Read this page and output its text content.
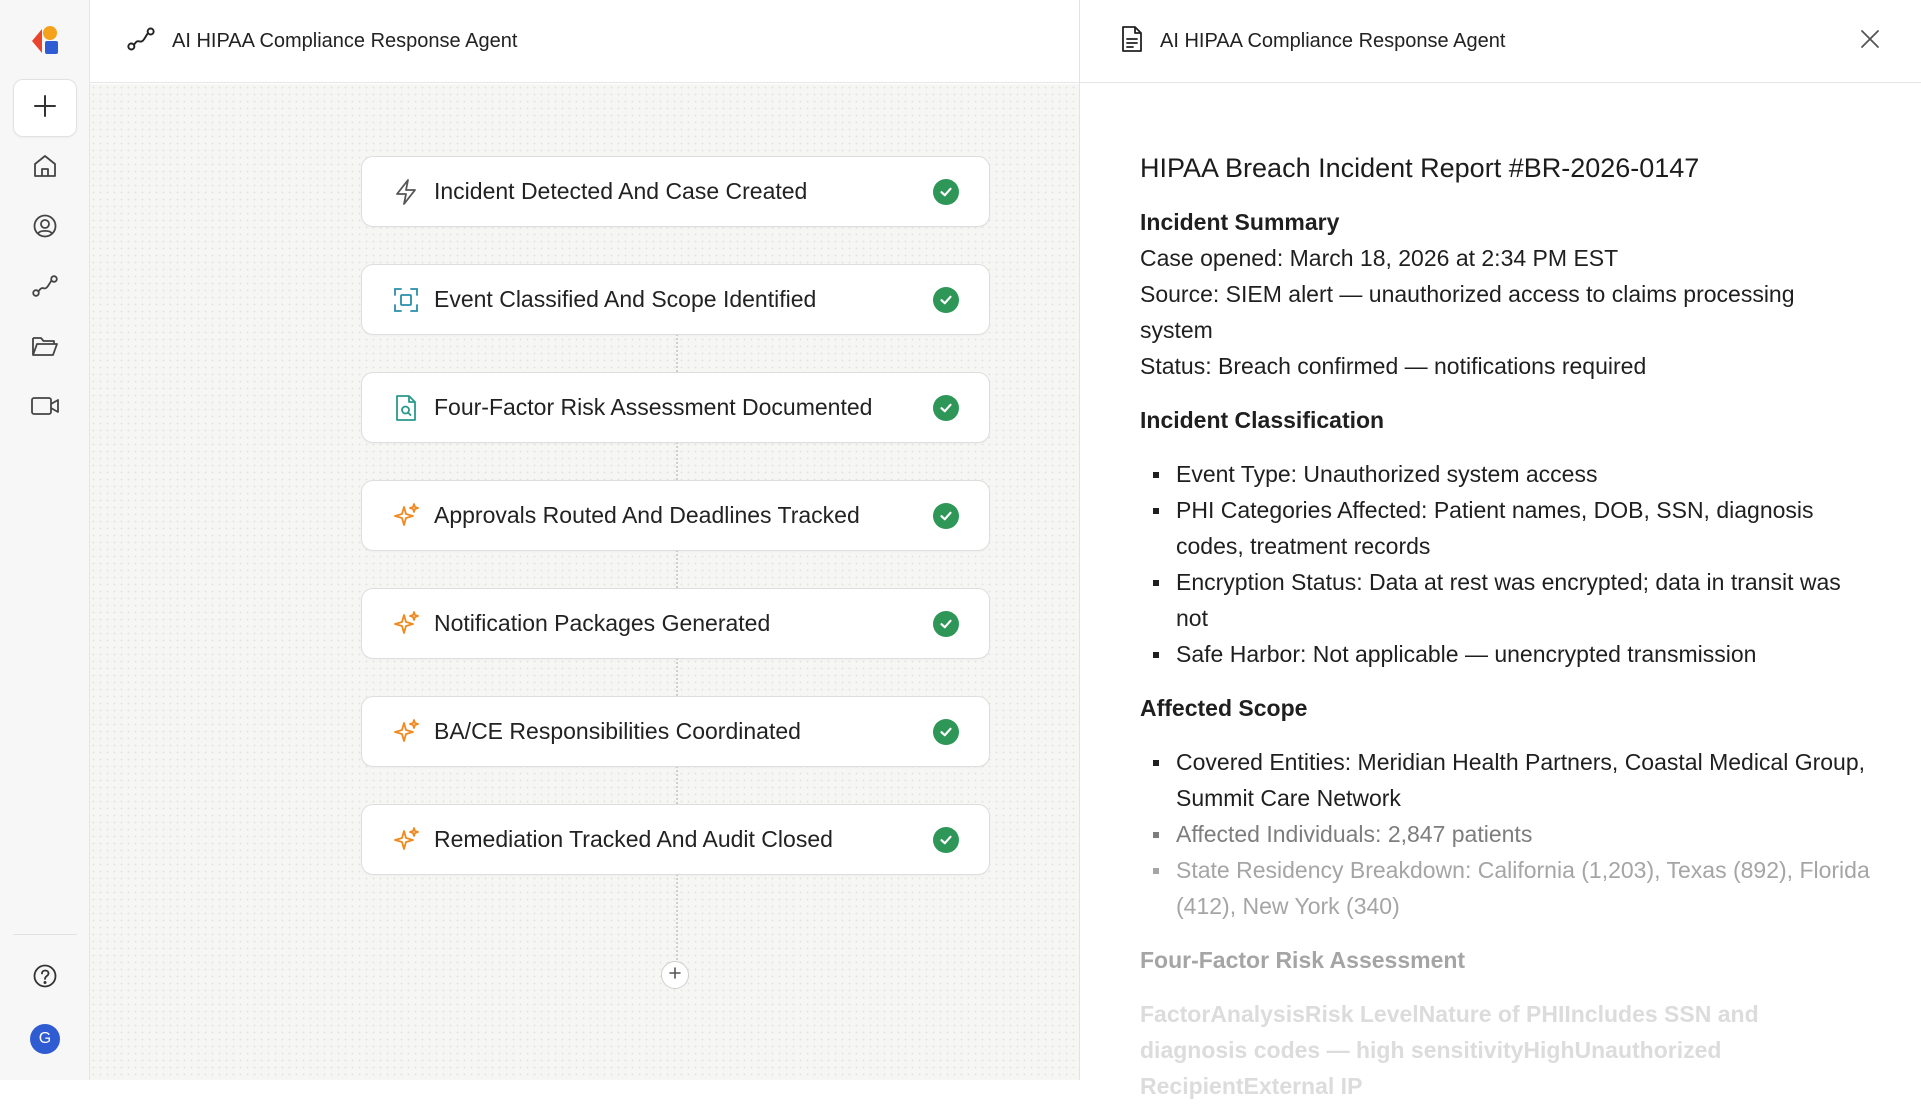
G
AI HIPAA Compliance Response Agent
Incident Detected And Case Created
Event Classified And Scope Identified
Four-Factor Risk Assessment Documented
Approvals Routed And Deadlines Tracked
Notification Packages Generated
BA/CE Responsibilities Coordinated
Remediation Tracked And Audit Closed
AI HIPAA Compliance Response Agent
HIPAA Breach Incident Report #BR-2026-0147
Incident Summary

Case opened: March 18, 2026 at 2:34 PM EST

Source: SIEM alert — unauthorized access to claims processing system

Status: Breach confirmed — notifications required

Incident Classification
Event Type: Unauthorized system access
PHI Categories Affected: Patient names, DOB, SSN, diagnosis codes, treatment records
Encryption Status: Data at rest was encrypted; data in transit was not
Safe Harbor: Not applicable — unencrypted transmission
Affected Scope
Covered Entities: Meridian Health Partners, Coastal Medical Group, Summit Care Network
Affected Individuals: 2,847 patients
State Residency Breakdown: California (1,203), Texas (892), Florida (412), New York (340)
Four-Factor Risk Assessment

FactorAnalysisRisk LevelNature of PHIIncludes SSN and diagnosis codes — high sensitivityHighUnauthorized RecipientExternal IP
